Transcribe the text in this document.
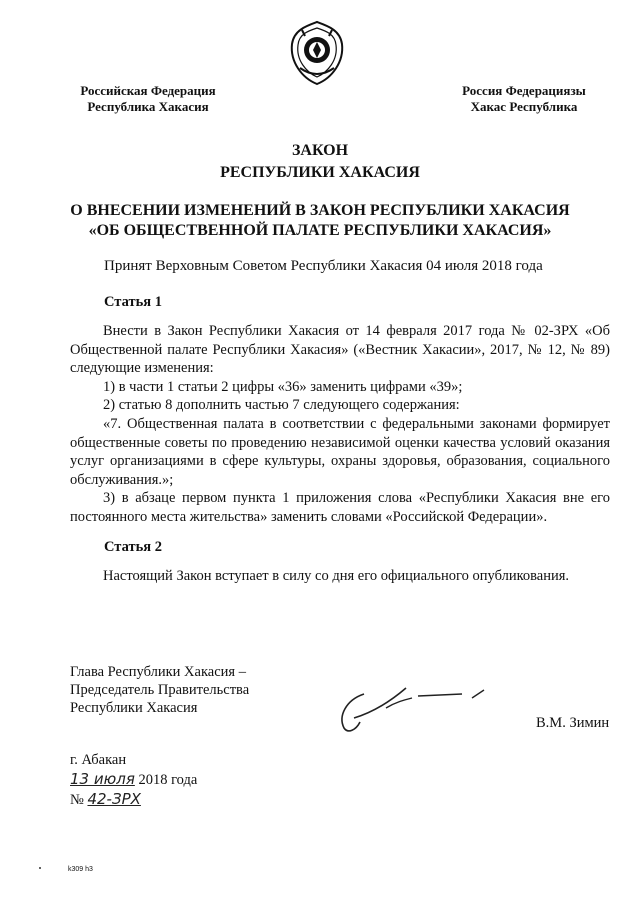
Российская Федерация
Республика Хакасия
Россия Федерациязы
Хакас Республика
ЗАКОН
РЕСПУБЛИКИ ХАКАСИЯ
О ВНЕСЕНИИ ИЗМЕНЕНИЙ В ЗАКОН РЕСПУБЛИКИ ХАКАСИЯ
«ОБ ОБЩЕСТВЕННОЙ ПАЛАТЕ РЕСПУБЛИКИ ХАКАСИЯ»
Принят Верховным Советом Республики Хакасия 04 июля 2018 года
Статья 1

Внести в Закон Республики Хакасия от 14 февраля 2017 года № 02-ЗРХ «Об Общественной палате Республики Хакасия» («Вестник Хакасии», 2017, № 12, № 89) следующие изменения:

1) в части 1 статьи 2 цифры «36» заменить цифрами «39»;

2) статью 8 дополнить частью 7 следующего содержания:

«7. Общественная палата в соответствии с федеральными законами формирует общественные советы по проведению независимой оценки качества условий оказания услуг организациями в сфере культуры, охраны здоровья, образования, социального обслуживания.»;

3) в абзаце первом пункта 1 приложения слова «Республики Хакасия вне его постоянного места жительства» заменить словами «Российской Федерации».

Статья 2

Настоящий Закон вступает в силу со дня его официального опубликования.

Глава Республики Хакасия –
Председатель Правительства
Республики Хакасия
В.М. Зимин
г. Абакан
13 июля 2018 года
№ 42-ЗРХ
k309 h3
